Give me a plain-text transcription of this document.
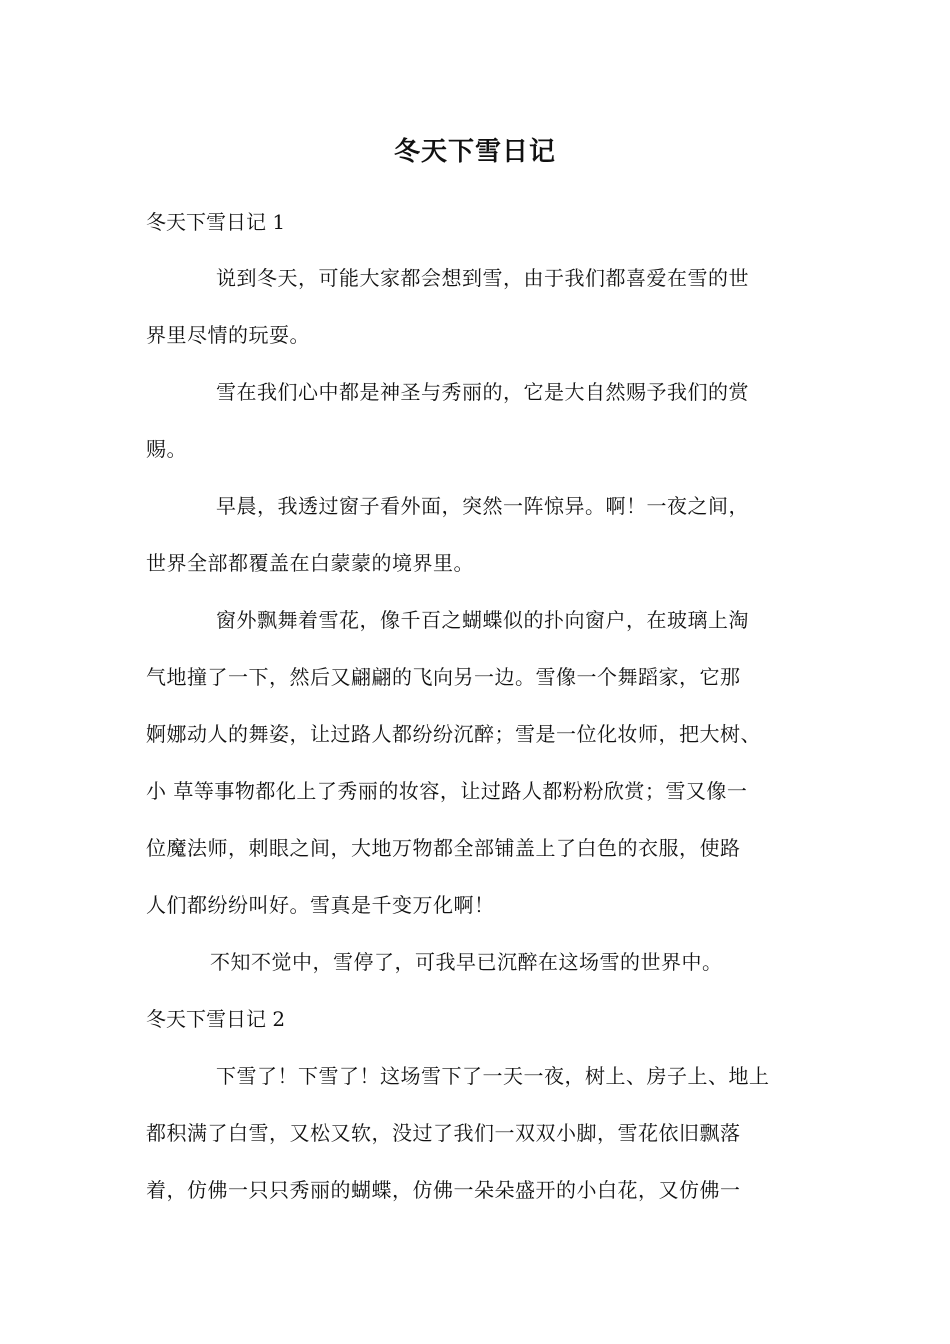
冬天下雪日记
冬天下雪日记 1
说到冬天，可能大家都会想到雪，由于我们都喜爱在雪的世
界里尽情的玩耍。
雪在我们心中都是神圣与秀丽的，它是大自然赐予我们的赏
赐。
早晨，我透过窗子看外面，突然一阵惊异。啊！一夜之间，
世界全部都覆盖在白蒙蒙的境界里。
窗外飘舞着雪花，像千百之蝴蝶似的扑向窗户，在玻璃上淘
气地撞了一下，然后又翩翩的飞向另一边。雪像一个舞蹈家，它那
婀娜动人的舞姿，让过路人都纷纷沉醉；雪是一位化妆师，把大树、
小 草等事物都化上了秀丽的妆容，让过路人都粉粉欣赏；雪又像一
位魔法师，刺眼之间，大地万物都全部铺盖上了白色的衣服，使路
人们都纷纷叫好。雪真是千变万化啊！
不知不觉中，雪停了，可我早已沉醉在这场雪的世界中。
冬天下雪日记 2
下雪了！下雪了！这场雪下了一天一夜，树上、房子上、地上
都积满了白雪，又松又软，没过了我们一双双小脚，雪花依旧飘落
着，仿佛一只只秀丽的蝴蝶，仿佛一朵朵盛开的小白花，又仿佛一
